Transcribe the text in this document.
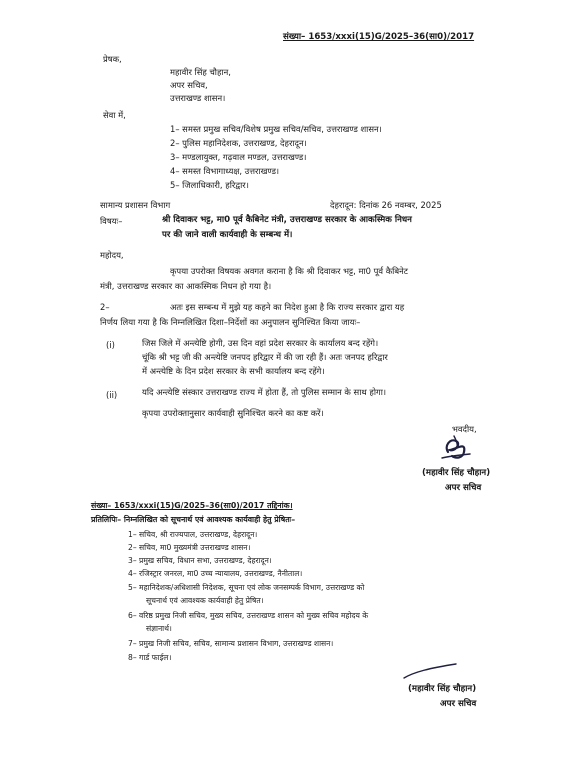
संख्या– 1653/xxxi(15)G/2025–36(सा0)/2017
प्रेषक,
महावीर सिंह चौहान,
अपर सचिव,
उत्तराखण्ड शासन।
सेवा में,
1– समस्त प्रमुख सचिव/विशेष प्रमुख सचिव/सचिव, उत्तराखण्ड शासन।
2– पुलिस महानिदेशक, उत्तराखण्ड, देहरादून।
3– मण्डलायुक्त, गढ़वाल मण्डल, उत्तराखण्ड।
4– समस्त विभागाध्यक्ष, उत्तराखण्ड।
5– जिलाधिकारी, हरिद्वार।
सामान्य प्रशासन विभाग	देहरादून: दिनांक 26 नवम्बर, 2025
विषयः–	श्री दिवाकर भट्ट, मा0 पूर्व कैबिनेट मंत्री, उत्तराखण्ड सरकार के आकस्मिक निधन
पर की जाने वाली कार्यवाही के सम्बन्ध में।
महोदय,
कृपया उपरोक्त विषयक अवगत कराना है कि श्री दिवाकर भट्ट, मा0 पूर्व कैबिनेट
मंत्री, उत्तराखण्ड सरकार का आकस्मिक निधन हो गया है।
2–	अतः इस सम्बन्ध में मुझे यह कहने का निदेश हुआ है कि राज्य सरकार द्वारा यह
निर्णय लिया गया है कि निम्नलिखित दिशा–निर्देशों का अनुपालन सुनिश्चित किया जायः–
(i)	जिस जिले में अन्त्येष्टि होगी, उस दिन वहां प्रदेश सरकार के कार्यालय बन्द रहेंगे।
चूंकि श्री भट्ट जी की अन्त्येष्टि जनपद हरिद्वार में की जा रही हैं। अतः जनपद हरिद्वार
में अन्त्येष्टि के दिन प्रदेश सरकार के सभी कार्यालय बन्द रहेंगे।
(ii)	यदि अन्त्येष्टि संस्कार उत्तराखण्ड राज्य में होता हैं, तो पुलिस सम्मान के साथ होगा।
कृपया उपरोक्तानुसार कार्यवाही सुनिश्चित करने का कष्ट करें।
भवदीय,
(महावीर सिंह चौहान)
अपर सचिव
संख्या– 1653/xxxi(15)G/2025–36(सा0)/2017 तद्दिनांक।
प्रतिलिपिः– निम्नलिखित को सूचनार्थ एवं आवश्यक कार्यवाही हेतु प्रेषितः–
1– सचिव, श्री राज्यपाल, उत्तराखण्ड, देहरादून।
2– सचिव, मा0 मुख्यमंत्री उत्तराखण्ड शासन।
3– प्रमुख सचिव, विधान सभा, उत्तराखण्ड, देहरादून।
4– रजिस्ट्रार जनरल, मा0 उच्च न्यायालय, उत्तराखण्ड, नैनीताल।
5– महानिदेशक/अधिशासी निदेशक, सूचना एवं लोक जनसम्पर्क विभाग, उत्तराखण्ड को
सूचनार्थ एवं आवश्यक कार्यवाही हेतु प्रेषित।
6– वरिष्ठ प्रमुख निजी सचिव, मुख्य सचिव, उत्तराखण्ड शासन को मुख्य सचिव महोदय के
संज्ञानार्थ।
7– प्रमुख निजी सचिव, सचिव, सामान्य प्रशासन विभाग, उत्तराखण्ड शासन।
8– गार्ड फाईल।
(महावीर सिंह चौहान)
अपर सचिव
